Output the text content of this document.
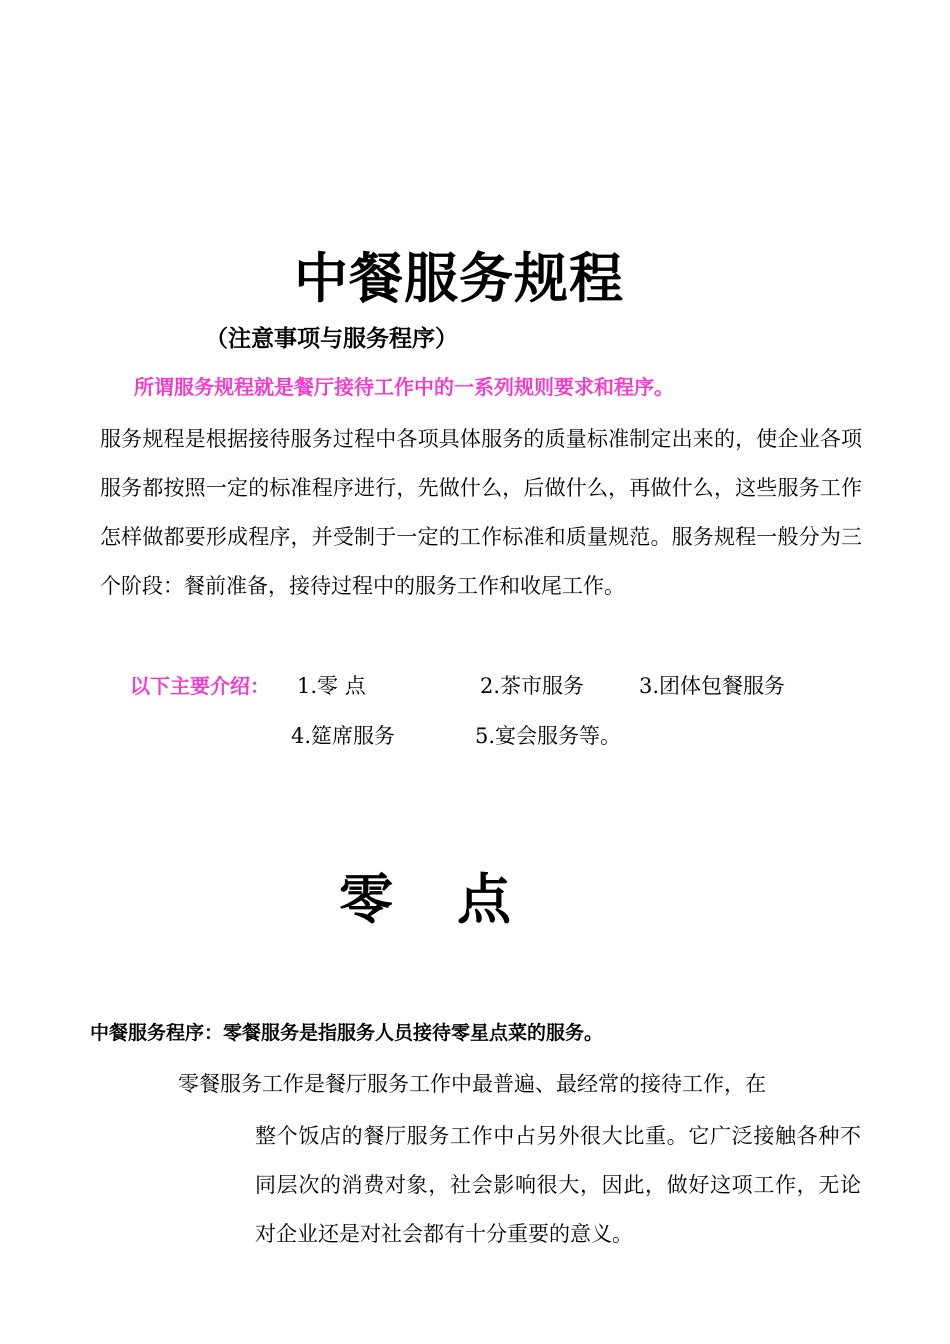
中餐服务规程
（注意事项与服务程序）
所谓服务规程就是餐厅接待工作中的一系列规则要求和程序。
服务规程是根据接待服务过程中各项具体服务的质量标准制定出来的，使企业各项服务都按照一定的标准程序进行，先做什么，后做什么，再做什么，这些服务工作怎样做都要形成程序，并受制于一定的工作标准和质量规范。服务规程一般分为三个阶段：餐前准备，接待过程中的服务工作和收尾工作。
以下主要介绍： 1.零 点	2.茶市服务	3.团体包餐服务
4.筵席服务	5.宴会服务等。
零 点
中餐服务程序：零餐服务是指服务人员接待零星点菜的服务。
零餐服务工作是餐厅服务工作中最普遍、最经常的接待工作，在
整个饭店的餐厅服务工作中占另外很大比重。它广泛接触各种不同层次的消费对象，社会影响很大，因此，做好这项工作，无论对企业还是对社会都有十分重要的意义。
